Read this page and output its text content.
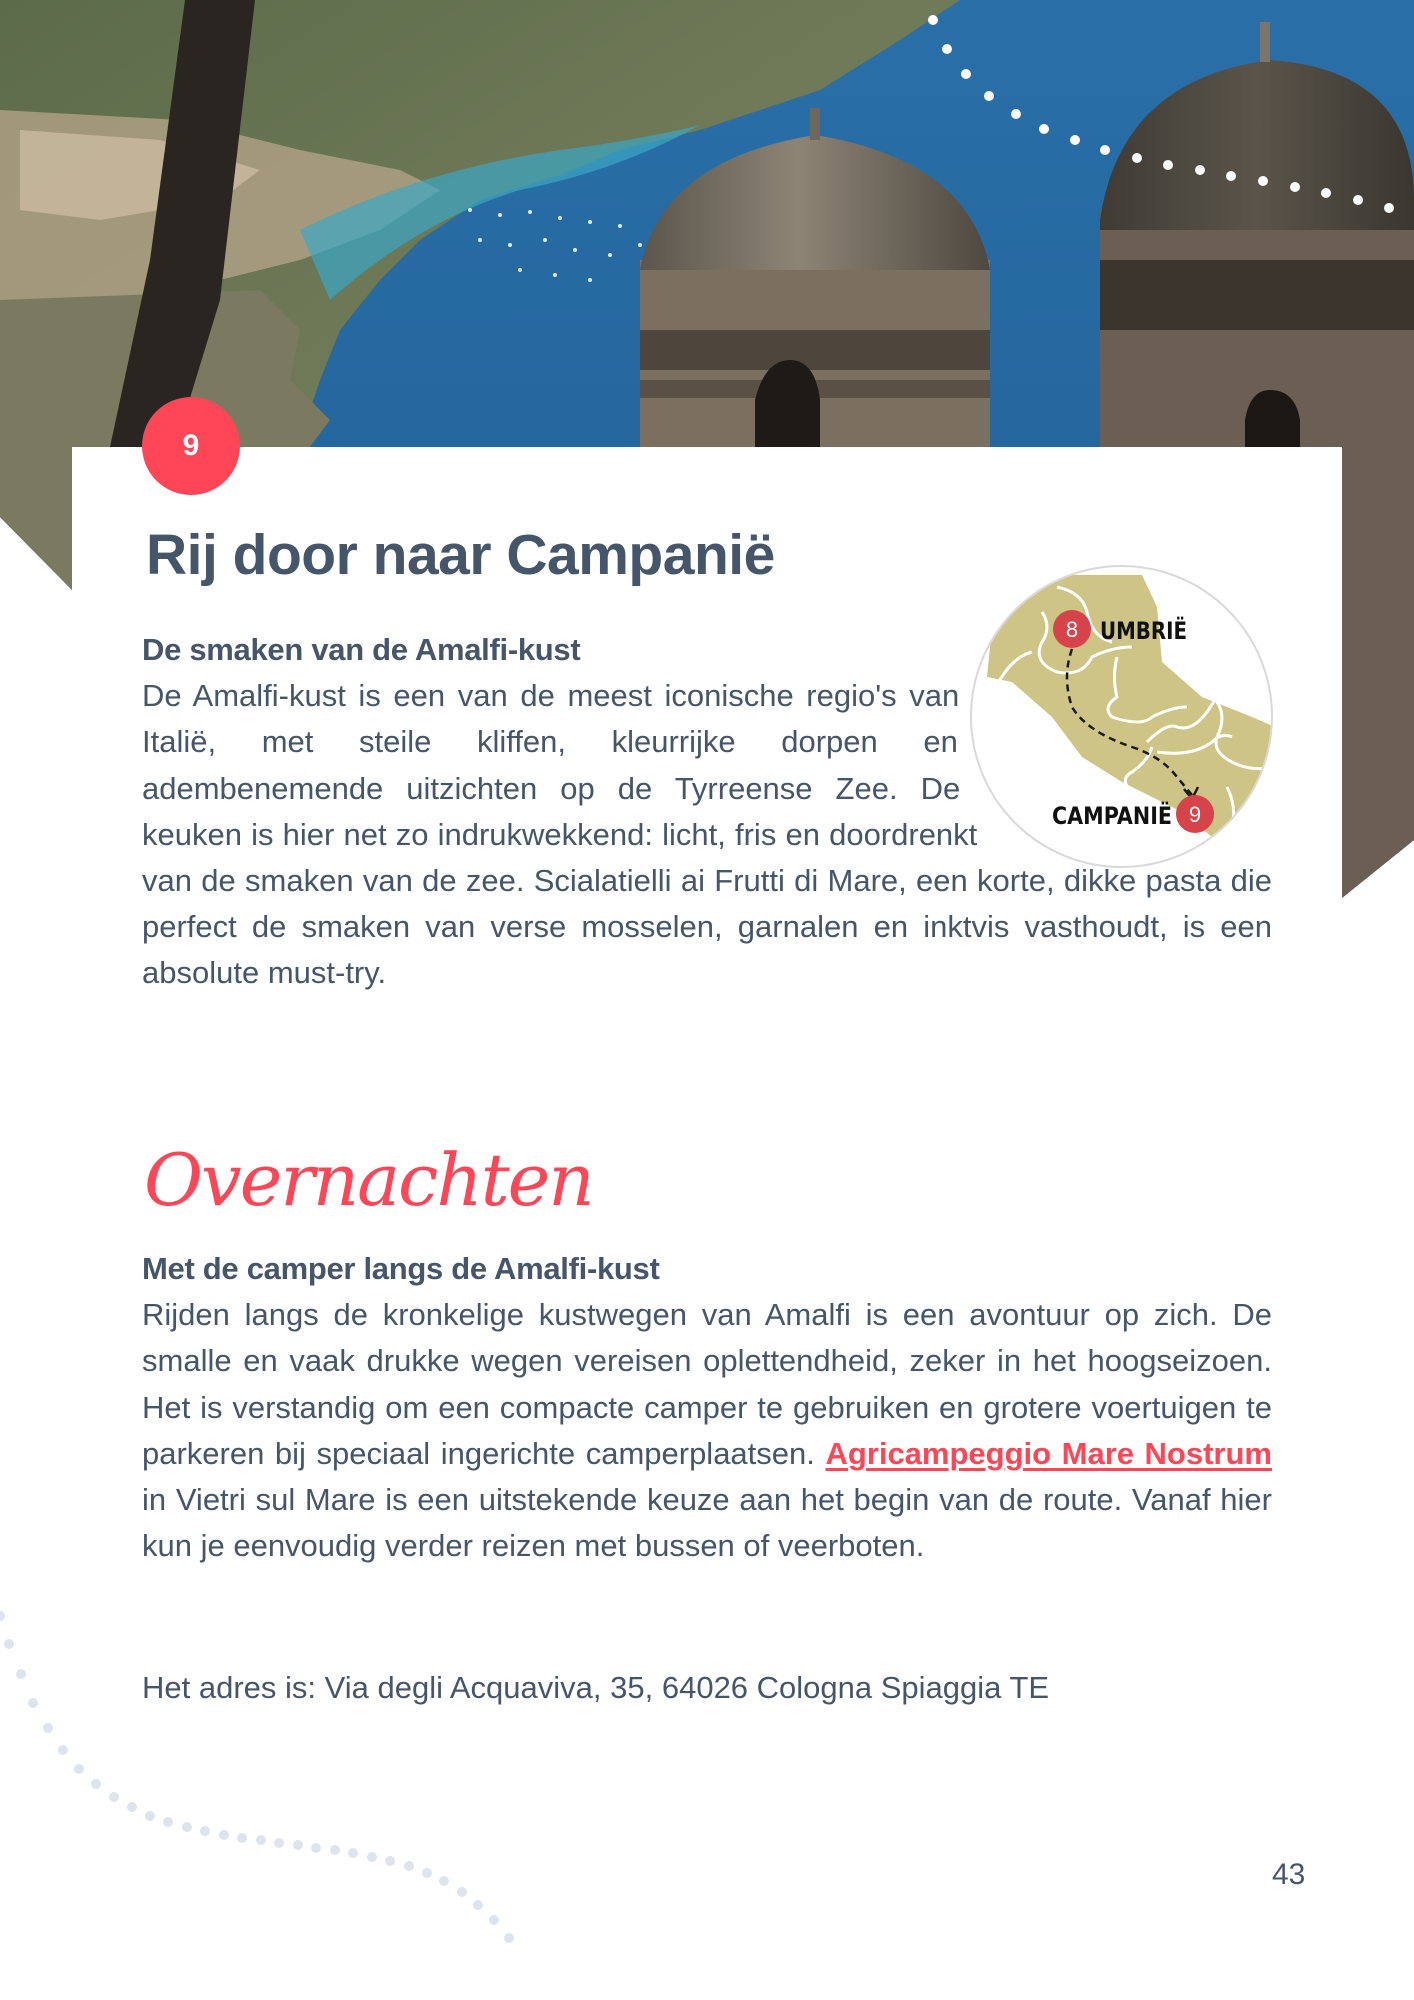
9
Rij door naar Campanië
8
9
UMBRIË
CAMPANIË
De smaken van de Amalfi-kust
De Amalfi-kust is een van de meest iconische regio's van Italië, met steile kliffen, kleurrijke dorpen en adembenemende uitzichten op de Tyrreense Zee. De keuken is hier net zo indrukwekkend: licht, fris en doordrenkt van de smaken van de zee. Scialatielli ai Frutti di Mare, een korte, dikke pasta die perfect de smaken van verse mosselen, garnalen en inktvis vasthoudt, is een absolute must-try.
Overnachten
Met de camper langs de Amalfi-kust
Rijden langs de kronkelige kustwegen van Amalfi is een avontuur op zich. De smalle en vaak drukke wegen vereisen oplettendheid, zeker in het hoogseizoen. Het is verstandig om een compacte camper te gebruiken en grotere voertuigen te parkeren bij speciaal ingerichte camperplaatsen. Agricampeggio Mare Nostrum in Vietri sul Mare is een uitstekende keuze aan het begin van de route. Vanaf hier kun je eenvoudig verder reizen met bussen of veerboten.
Het adres is: Via degli Acquaviva, 35, 64026 Cologna Spiaggia TE
43
